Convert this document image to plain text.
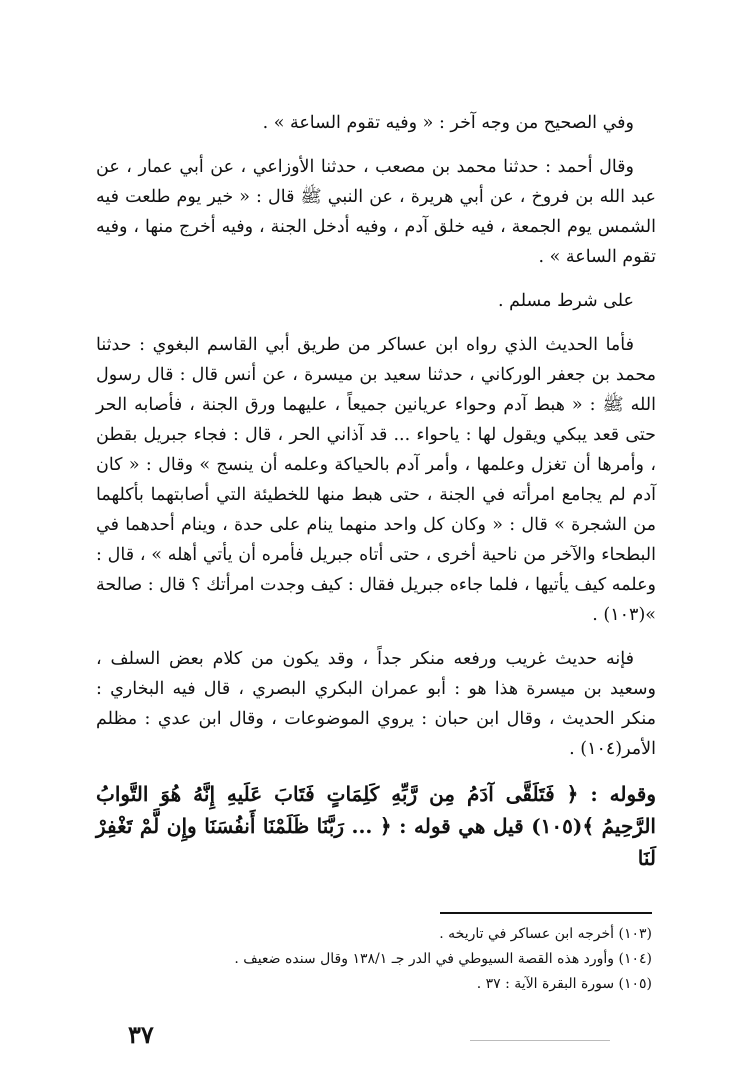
وفي الصحيح من وجه آخر : « وفيه تقوم الساعة » .

وقال أحمد : حدثنا محمد بن مصعب ، حدثنا الأوزاعي ، عن أبي عمار ، عن عبد الله بن فروخ ، عن أبي هريرة ، عن النبي ﷺ قال : « خير يوم طلعت فيه الشمس يوم الجمعة ، فيه خلق آدم ، وفيه أدخل الجنة ، وفيه أخرج منها ، وفيه تقوم الساعة » .

على شرط مسلم .

فأما الحديث الذي رواه ابن عساكر من طريق أبي القاسم البغوي : حدثنا محمد بن جعفر الوركاني ، حدثنا سعيد بن ميسرة ، عن أنس قال : قال رسول الله ﷺ : « هبط آدم وحواء عريانين جميعاً ، عليهما ورق الجنة ، فأصابه الحر حتى قعد يبكي ويقول لها : ياحواء ... قد آذاني الحر ، قال : فجاء جبريل بقطن ، وأمرها أن تغزل وعلمها ، وأمر آدم بالحياكة وعلمه أن ينسج » وقال : « كان آدم لم يجامع امرأته في الجنة ، حتى هبط منها للخطيئة التي أصابتهما بأكلهما من الشجرة » قال : « وكان كل واحد منهما ينام على حدة ، وينام أحدهما في البطحاء والآخر من ناحية أخرى ، حتى أتاه جبريل فأمره أن يأتي أهله » ، قال : وعلمه كيف يأتيها ، فلما جاءه جبريل فقال : كيف وجدت امرأتك ؟ قال : صالحة »(١٠٣) .

فإنه حديث غريب ورفعه منكر جداً ، وقد يكون من كلام بعض السلف ، وسعيد بن ميسرة هذا هو : أبو عمران البكري البصري ، قال فيه البخاري : منكر الحديث ، وقال ابن حبان : يروي الموضوعات ، وقال ابن عدي : مظلم الأمر(١٠٤) .

وقوله : ﴿ فَتَلَقَّى آدَمُ مِن رَّبِّهِ كَلِمَاتٍ فَتَابَ عَلَيهِ إِنَّهُ هُوَ التَّوابُ الرَّحِيمُ ﴾(١٠٥) قيل هي قوله : ﴿ ... رَبَّنَا ظَلَمْنَا أَنفُسَنَا وإِن لَّمْ تَغْفِرْ لَنَا

(١٠٣) أخرجه ابن عساكر في تاريخه .

(١٠٤) وأورد هذه القصة السيوطي في الدر جـ ١٣٨/١ وقال سنده ضعيف .

(١٠٥) سورة البقرة الآية : ٣٧ .

٣٧
